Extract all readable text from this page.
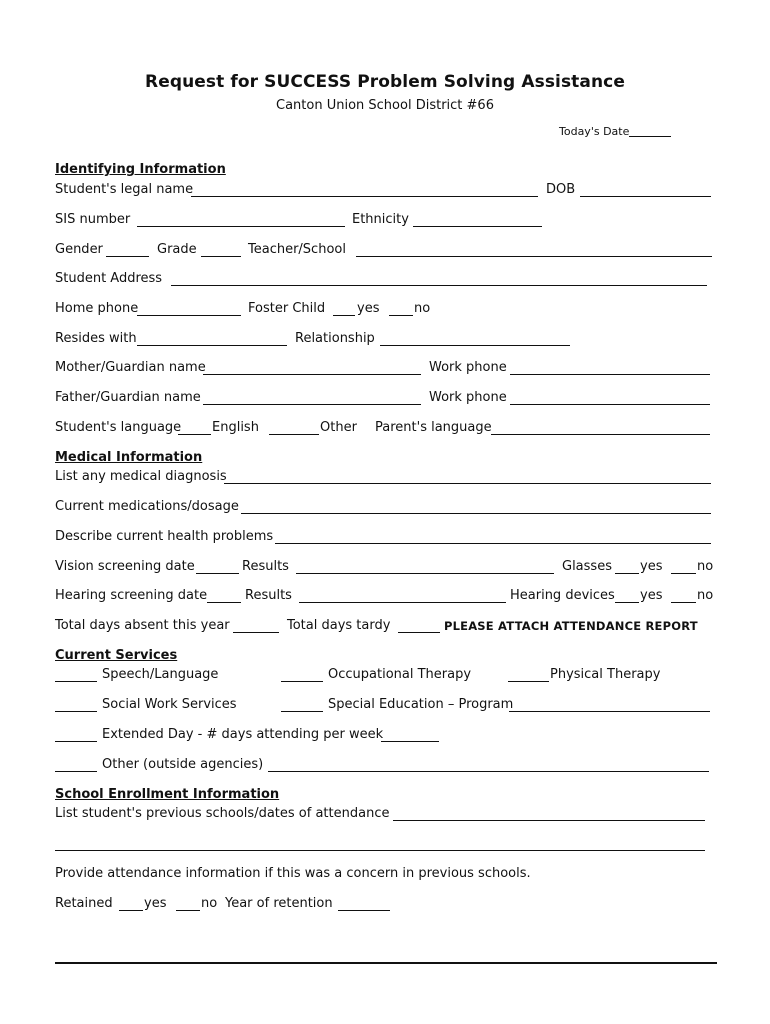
Request for SUCCESS Problem Solving Assistance
Canton Union School District #66
Today's Date
Identifying Information
Student's legal name	DOB
SIS number	Ethnicity
Gender	Grade	Teacher/School
Student Address
Home phone	Foster Child yes	no
Resides with	Relationship
Mother/Guardian name	Work phone
Father/Guardian name	Work phone
Student's language English	Other Parent's language
Medical Information
List any medical diagnosis
Current medications/dosage
Describe current health problems
Vision screening date	Results	Glasses yes	no
Hearing screening date	Results	Hearing devices yes	no
Total days absent this year	Total days tardy	PLEASE ATTACH ATTENDANCE REPORT
Current Services
Speech/Language	Occupational Therapy	Physical Therapy
Social Work Services	Special Education – Program
Extended Day - # days attending per week
Other (outside agencies)
School Enrollment Information
List student's previous schools/dates of attendance
Provide attendance information if this was a concern in previous schools.
Retained yes	no Year of retention
